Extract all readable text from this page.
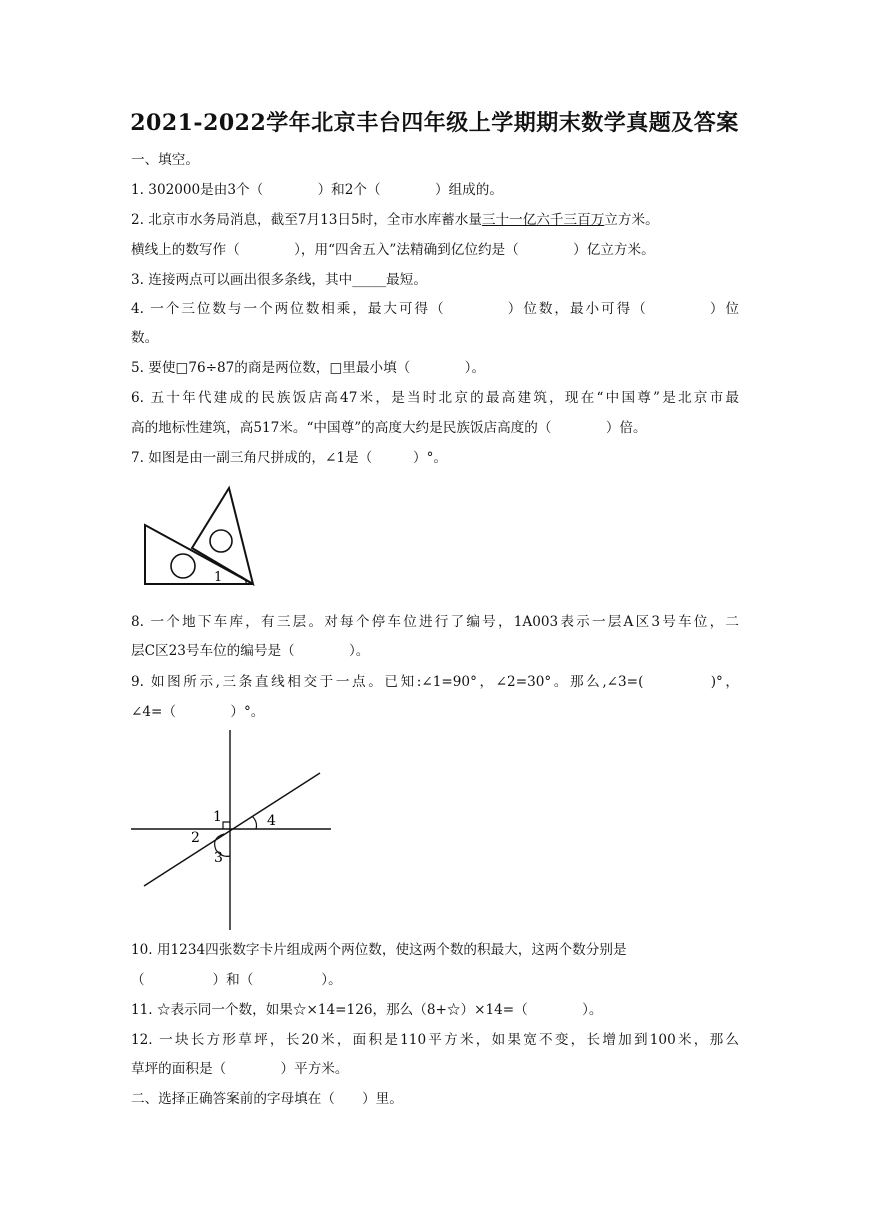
2021-2022学年北京丰台四年级上学期期末数学真题及答案
一、填空。
1. 302000是由3个（　　　　）和2个（　　　　）组成的。
2. 北京市水务局消息，截至7月13日5时，全市水库蓄水量三十一亿六千三百万立方米。
横线上的数写作（　　　　），用“四舍五入”法精确到亿位约是（　　　　）亿立方米。
3. 连接两点可以画出很多条线，其中_____最短。
4. 一个三位数与一个两位数相乘，最大可得（　　　　）位数，最小可得（　　　　）位
数。
5. 要使□76÷87的商是两位数，□里最小填（　　　　）。
6. 五十年代建成的民族饭店高47米，是当时北京的最高建筑，现在“中国尊”是北京市最
高的地标性建筑，高517米。“中国尊”的高度大约是民族饭店高度的（　　　　）倍。
7. 如图是由一副三角尺拼成的，∠1是（　　　）°。
1
8. 一个地下车库，有三层。对每个停车位进行了编号，1A003表示一层A区3号车位，二
层C区23号车位的编号是（　　　　）。
9. 如图所示,三条直线相交于一点。已知:∠1=90°，∠2=30°。那么,∠3=(　　　　)°，
∠4=（　　　　）°。
1
2
3
4
10. 用1234四张数字卡片组成两个两位数，使这两个数的积最大，这两个数分别是
（　　　　　）和（　　　　　）。
11. ☆表示同一个数，如果☆×14=126，那么（8+☆）×14=（　　　　）。
12. 一块长方形草坪，长20米，面积是110平方米，如果宽不变，长增加到100米，那么
草坪的面积是（　　　　）平方米。
二、选择正确答案前的字母填在（　　）里。
